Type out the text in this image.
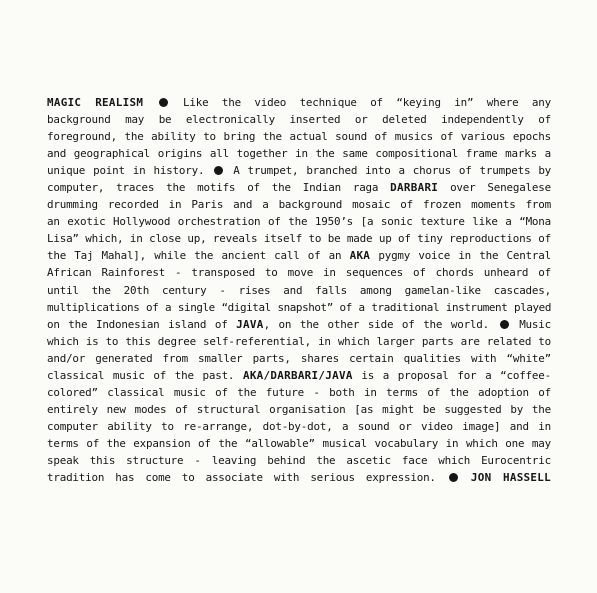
MAGIC REALISM	Like the video technique of “keying in” where any
background may be electronically inserted or deleted independently of
foreground, the ability to bring the actual sound of musics of various epochs
and geographical origins all together in the same compositional frame marks a
unique point in history.	A trumpet, branched into a chorus of trumpets by
computer, traces the motifs of the Indian raga DARBARI over Senegalese
drumming recorded in Paris and a background mosaic of frozen moments from
an exotic Hollywood orchestration of the 1950’s [a sonic texture like a “Mona
Lisa” which, in close up, reveals itself to be made up of tiny reproductions of
the Taj Mahal], while the ancient call of an AKA pygmy voice in the Central
African Rainforest - transposed to move in sequences of chords unheard of
until the 20th century - rises and falls among gamelan-like cascades,
multiplications of a single “digital snapshot” of a traditional instrument played
on the Indonesian island of JAVA, on the other side of the world.	Music
which is to this degree self-referential, in which larger parts are related to
and/or generated from smaller parts, shares certain qualities with “white”
classical music of the past. AKA/DARBARI/JAVA is a proposal for a “coffee-
colored” classical music of the future - both in terms of the adoption of
entirely new modes of structural organisation [as might be suggested by the
computer ability to re-arrange, dot-by-dot, a sound or video image] and in
terms of the expansion of the “allowable” musical vocabulary in which one may
speak this structure - leaving behind the ascetic face which Eurocentric
tradition has come to associate with serious expression.	JON HASSELL
